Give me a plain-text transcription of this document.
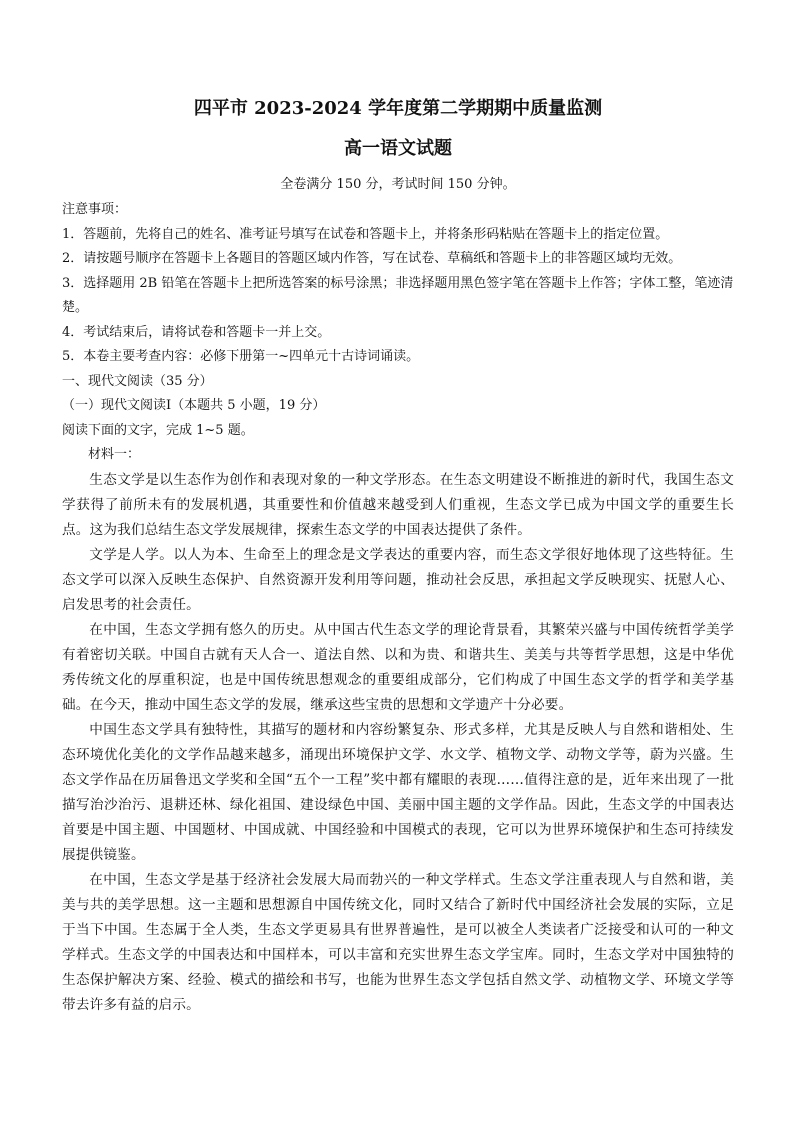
四平市 2023-2024 学年度第二学期期中质量监测
高一语文试题

全卷满分 150 分，考试时间 150 分钟。

注意事项：

1．答题前，先将自己的姓名、准考证号填写在试卷和答题卡上，并将条形码粘贴在答题卡上的指定位置。

2．请按题号顺序在答题卡上各题目的答题区域内作答，写在试卷、草稿纸和答题卡上的非答题区域均无效。

3．选择题用 2B 铅笔在答题卡上把所选答案的标号涂黑；非选择题用黑色签字笔在答题卡上作答；字体工整，笔迹清楚。

4．考试结束后，请将试卷和答题卡一并上交。

5．本卷主要考查内容：必修下册第一~四单元十古诗词诵读。

一、现代文阅读（35 分）

（一）现代文阅读Ⅰ（本题共 5 小题，19 分）

阅读下面的文字，完成 1~5 题。

材料一：

生态文学是以生态作为创作和表现对象的一种文学形态。在生态文明建设不断推进的新时代，我国生态文学获得了前所未有的发展机遇，其重要性和价值越来越受到人们重视，生态文学已成为中国文学的重要生长点。这为我们总结生态文学发展规律，探索生态文学的中国表达提供了条件。

文学是人学。以人为本、生命至上的理念是文学表达的重要内容，而生态文学很好地体现了这些特征。生态文学可以深入反映生态保护、自然资源开发利用等问题，推动社会反思，承担起文学反映现实、抚慰人心、启发思考的社会责任。

在中国，生态文学拥有悠久的历史。从中国古代生态文学的理论背景看，其繁荣兴盛与中国传统哲学美学有着密切关联。中国自古就有天人合一、道法自然、以和为贵、和谐共生、美美与共等哲学思想，这是中华优秀传统文化的厚重积淀，也是中国传统思想观念的重要组成部分，它们构成了中国生态文学的哲学和美学基础。在今天，推动中国生态文学的发展，继承这些宝贵的思想和文学遗产十分必要。

中国生态文学具有独特性，其描写的题材和内容纷繁复杂、形式多样，尤其是反映人与自然和谐相处、生态环境优化美化的文学作品越来越多，涌现出环境保护文学、水文学、植物文学、动物文学等，蔚为兴盛。生态文学作品在历届鲁迅文学奖和全国“五个一工程”奖中都有耀眼的表现……值得注意的是，近年来出现了一批描写治沙治污、退耕还林、绿化祖国、建设绿色中国、美丽中国主题的文学作品。因此，生态文学的中国表达首要是中国主题、中国题材、中国成就、中国经验和中国模式的表现，它可以为世界环境保护和生态可持续发展提供镜鉴。

在中国，生态文学是基于经济社会发展大局而勃兴的一种文学样式。生态文学注重表现人与自然和谐，美美与共的美学思想。这一主题和思想源自中国传统文化，同时又结合了新时代中国经济社会发展的实际，立足于当下中国。生态属于全人类，生态文学更易具有世界普遍性，是可以被全人类读者广泛接受和认可的一种文学样式。生态文学的中国表达和中国样本，可以丰富和充实世界生态文学宝库。同时，生态文学对中国独特的生态保护解决方案、经验、模式的描绘和书写，也能为世界生态文学包括自然文学、动植物文学、环境文学等带去许多有益的启示。
